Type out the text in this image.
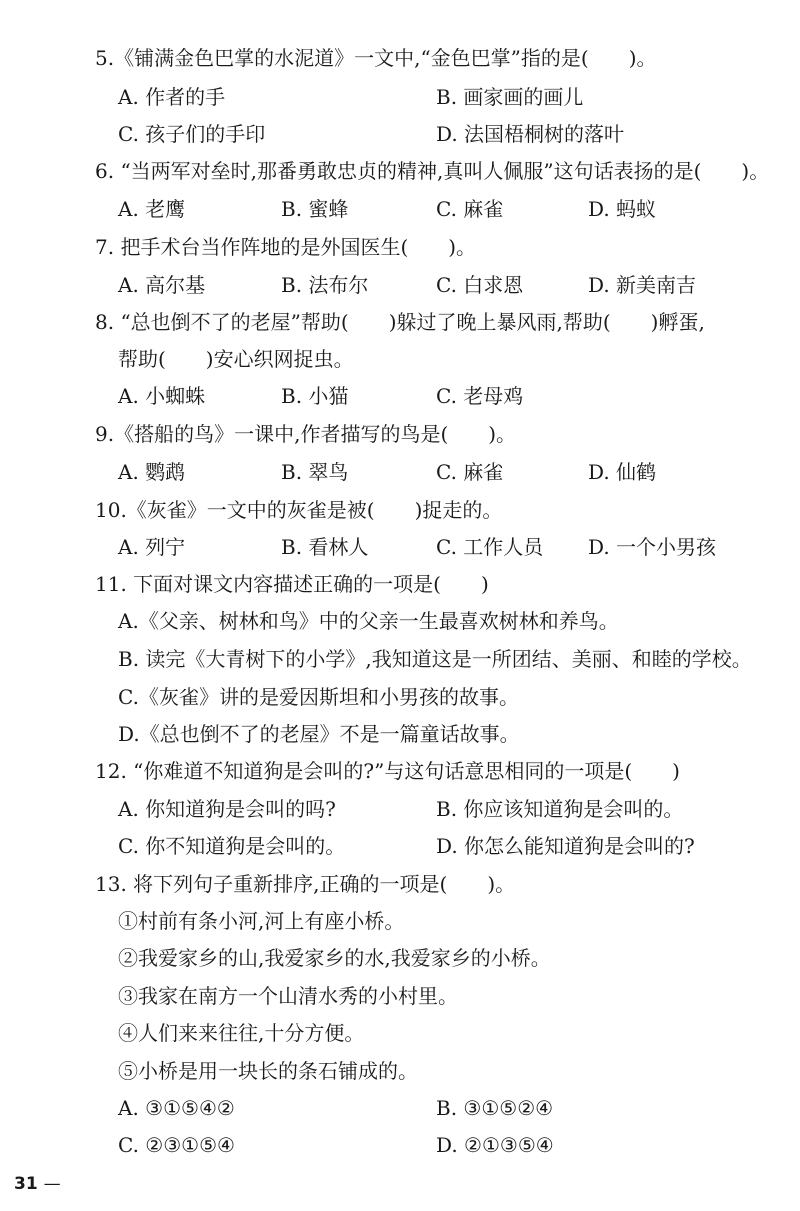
5.《铺满金色巴掌的水泥道》一文中,“金色巴掌”指的是(　　)。
A. 作者的手	B. 画家画的画儿
C. 孩子们的手印	D. 法国梧桐树的落叶
6. “当两军对垒时,那番勇敢忠贞的精神,真叫人佩服”这句话表扬的是(　　)。
A. 老鹰	B. 蜜蜂	C. 麻雀	D. 蚂蚁
7. 把手术台当作阵地的是外国医生(　　)。
A. 高尔基	B. 法布尔	C. 白求恩	D. 新美南吉
8. “总也倒不了的老屋”帮助(　　)躲过了晚上暴风雨,帮助(　　)孵蛋,
帮助(　　)安心织网捉虫。
A. 小蜘蛛	B. 小猫	C. 老母鸡
9.《搭船的鸟》一课中,作者描写的鸟是(　　)。
A. 鹦鹉	B. 翠鸟	C. 麻雀	D. 仙鹤
10.《灰雀》一文中的灰雀是被(　　)捉走的。
A. 列宁	B. 看林人	C. 工作人员 D. 一个小男孩
11. 下面对课文内容描述正确的一项是(　　)
A.《父亲、树林和鸟》中的父亲一生最喜欢树林和养鸟。
B. 读完《大青树下的小学》,我知道这是一所团结、美丽、和睦的学校。
C.《灰雀》讲的是爱因斯坦和小男孩的故事。
D.《总也倒不了的老屋》不是一篇童话故事。
12. “你难道不知道狗是会叫的?”与这句话意思相同的一项是(　　)
A. 你知道狗是会叫的吗?	B. 你应该知道狗是会叫的。
C. 你不知道狗是会叫的。	D. 你怎么能知道狗是会叫的?
13. 将下列句子重新排序,正确的一项是(　　)。
①村前有条小河,河上有座小桥。
②我爱家乡的山,我爱家乡的水,我爱家乡的小桥。
③我家在南方一个山清水秀的小村里。
④人们来来往往,十分方便。
⑤小桥是用一块长的条石铺成的。
A. ③①⑤④②	B. ③①⑤②④
C. ②③①⑤④	D. ②①③⑤④
31 —
